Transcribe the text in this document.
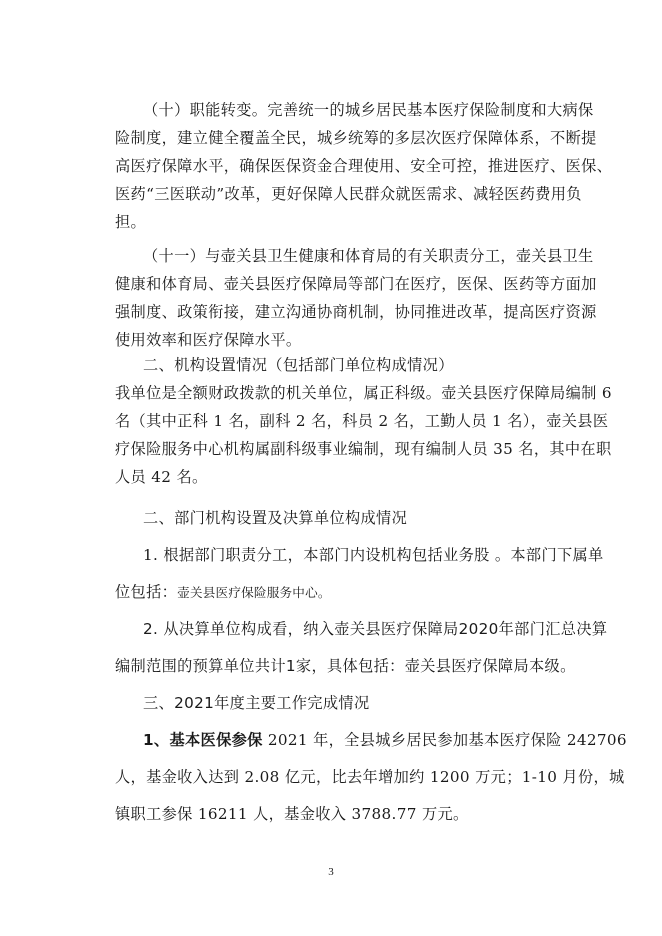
（十）职能转变。完善统一的城乡居民基本医疗保险制度和大病保
险制度，建立健全覆盖全民，城乡统筹的多层次医疗保障体系，不断提
高医疗保障水平，确保医保资金合理使用、安全可控，推进医疗、医保、
医药“三医联动”改革，更好保障人民群众就医需求、减轻医药费用负
担。
（十一）与壶关县卫生健康和体育局的有关职责分工，壶关县卫生
健康和体育局、壶关县医疗保障局等部门在医疗，医保、医药等方面加
强制度、政策衔接，建立沟通协商机制，协同推进改革，提高医疗资源
使用效率和医疗保障水平。
二、机构设置情况（包括部门单位构成情况）
我单位是全额财政拨款的机关单位，属正科级。壶关县医疗保障局编制 6
名（其中正科 1 名，副科 2 名，科员 2 名，工勤人员 1 名），壶关县医
疗保险服务中心机构属副科级事业编制，现有编制人员 35 名，其中在职
人员 42 名。
二、部门机构设置及决算单位构成情况
1. 根据部门职责分工，本部门内设机构包括业务股 。本部门下属单
位包括：壶关县医疗保险服务中心。
2. 从决算单位构成看，纳入壶关县医疗保障局2020年部门汇总决算
编制范围的预算单位共计1家，具体包括：壶关县医疗保障局本级。
三、2021年度主要工作完成情况
1、基本医保参保 2021 年，全县城乡居民参加基本医疗保险 242706
人，基金收入达到 2.08 亿元，比去年增加约 1200 万元；1-10 月份，城
镇职工参保 16211 人，基金收入 3788.77 万元。
3
